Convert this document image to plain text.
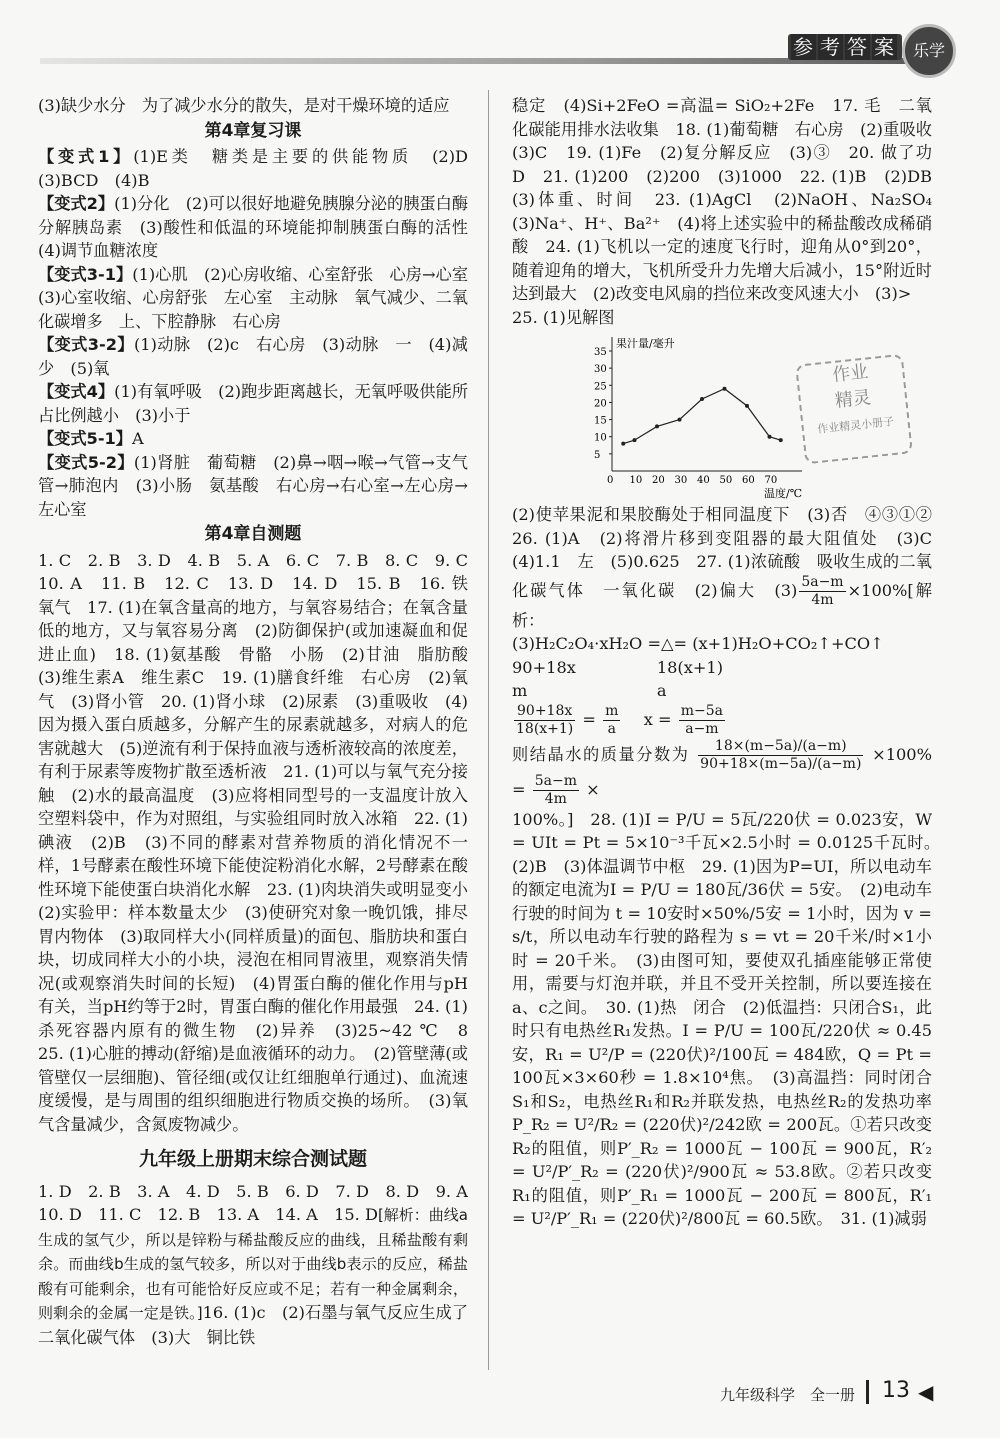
参 考 答 案	乐学

(3)缺少水分　为了减少水分的散失，是对干燥环境的适应

第4章复习课

【变式1】(1)E类　糖类是主要的供能物质　(2)D　(3)BCD　(4)B

【变式2】(1)分化　(2)可以很好地避免胰腺分泌的胰蛋白酶分解胰岛素　(3)酸性和低温的环境能抑制胰蛋白酶的活性　(4)调节血糖浓度

【变式3-1】(1)心肌　(2)心房收缩、心室舒张　心房→心室　(3)心室收缩、心房舒张　左心室　主动脉　氧气减少、二氧化碳增多　上、下腔静脉　右心房

【变式3-2】(1)动脉　(2)c　右心房　(3)动脉　一　(4)减少　(5)氧

【变式4】(1)有氧呼吸　(2)跑步距离越长，无氧呼吸供能所占比例越小　(3)小于

【变式5-1】A

【变式5-2】(1)肾脏　葡萄糖　(2)鼻→咽→喉→气管→支气管→肺泡内　(3)小肠　氨基酸　右心房→右心室→左心房→左心室

第4章自测题

1. C　2. B　3. D　4. B　5. A　6. C　7. B　8. C　9. C　10. A　11. B　12. C　13. D　14. D　15. B　16. 铁　氧气　17. (1)在氧含量高的地方，与氧容易结合；在氧含量低的地方，又与氧容易分离　(2)防御保护(或加速凝血和促进止血)　18. (1)氨基酸　骨骼　小肠　(2)甘油　脂肪酸　(3)维生素A　维生素C　19. (1)膳食纤维　右心房　(2)氧气　(3)肾小管　20. (1)肾小球　(2)尿素　(3)重吸收　(4)因为摄入蛋白质越多，分解产生的尿素就越多，对病人的危害就越大　(5)逆流有利于保持血液与透析液较高的浓度差，有利于尿素等废物扩散至透析液　21. (1)可以与氧气充分接触　(2)水的最高温度　(3)应将相同型号的一支温度计放入空塑料袋中，作为对照组，与实验组同时放入冰箱　22. (1)碘液　(2)B　(3)不同的酵素对营养物质的消化情况不一样，1号酵素在酸性环境下能使淀粉消化水解，2号酵素在酸性环境下能使蛋白块消化水解　23. (1)肉块消失或明显变小　(2)实验甲：样本数量太少　(3)使研究对象一晚饥饿，排尽胃内物体　(3)取同样大小(同样质量)的面包、脂肪块和蛋白块，切成同样大小的小块，浸泡在相同胃液里，观察消失情况(或观察消失时间的长短)　(4)胃蛋白酶的催化作用与pH有关，当pH约等于2时，胃蛋白酶的催化作用最强　24. (1)杀死容器内原有的微生物　(2)异养　(3)25~42 ℃　8　25. (1)心脏的搏动(舒缩)是血液循环的动力。　(2)管壁薄(或管壁仅一层细胞)、管径细(或仅让红细胞单行通过)、血流速度缓慢，是与周围的组织细胞进行物质交换的场所。　(3)氧气含量减少，含氮废物减少。

九年级上册期末综合测试题

1. D　2. B　3. A　4. D　5. B　6. D　7. D　8. D　9. A　10. D　11. C　12. B　13. A　14. A　15. D[解析：曲线a生成的氢气少，所以是锌粉与稀盐酸反应的曲线，且稀盐酸有剩余。而曲线b生成的氢气较多，所以对于曲线b表示的反应，稀盐酸有可能剩余，也有可能恰好反应或不足；若有一种金属剩余，则剩余的金属一定是铁。]16. (1)c　(2)石墨与氧气反应生成了二氧化碳气体　(3)大　铜比铁

稳定　(4)Si+2FeO =高温= SiO₂+2Fe　17. 毛　二氧化碳能用排水法收集　18. (1)葡萄糖　右心房　(2)重吸收　(3)C　19. (1)Fe　(2)复分解反应　(3)③　20. 做了功　D　21. (1)200　(2)200　(3)1000　22. (1)B　(2)DB　(3)体重、时间　23. (1)AgCl　(2)NaOH、Na₂SO₄　(3)Na⁺、H⁺、Ba²⁺　(4)将上述实验中的稀盐酸改成稀硝酸　24. (1)飞机以一定的速度飞行时，迎角从0°到20°，随着迎角的增大，飞机所受升力先增大后减小，15°附近时达到最大　(2)改变电风扇的挡位来改变风速大小　(3)>

25. (1)见解图

果汁量/毫升
温度/℃
0 10 20 30 40 50 60 70
5
10
15
20
25
30
35
作业
精灵
作业精灵小册子

(2)使苹果泥和果胶酶处于相同温度下　(3)否　④③①②　26. (1)A　(2)将滑片移到变阻器的最大阻值处　(3)C　(4)1.1　左　(5)0.625　27. (1)浓硫酸　吸收生成的二氧化碳气体　一氧化碳　(2)偏大　$(3) \frac{5a-m}{4m} \times 100\%$[解析：

(3)H₂C₂O₄·xH₂O =△= (x+1)H₂O+CO₂↑+CO↑

90+18x　　　　　18(x+1)

m　　　　　　　　a

$\frac{90+18x}{18(x+1)} = \frac{m}{a}$
　 $x = \frac{m-5a}{a-m}$

则结晶水的质量分数为 $\frac{18\times(m-5a)/(a-m)}{90+18\times(m-5a)/(a-m)} \times 100\% = \frac{5a-m}{4m}$ ×

100%。]　28. (1)I = P/U = 5瓦/220伏 = 0.023安，W = UIt = Pt = 5×10⁻³千瓦×2.5小时 = 0.0125千瓦时。　(2)B　(3)体温调节中枢　29. (1)因为P=UI，所以电动车的额定电流为I = P/U = 180瓦/36伏 = 5安。　(2)电动车行驶的时间为 t = 10安时×50%/5安 = 1小时，因为 v = s/t，所以电动车行驶的路程为 s = vt = 20千米/时×1小时 = 20千米。　(3)由图可知，要使双孔插座能够正常使用，需要与灯泡并联，并且不受开关控制，所以要连接在a、c之间。　30. (1)热　闭合　(2)低温挡：只闭合S₁，此时只有电热丝R₁发热。I = P/U = 100瓦/220伏 ≈ 0.45安，R₁ = U²/P = (220伏)²/100瓦 = 484欧，Q = Pt = 100瓦×3×60秒 = 1.8×10⁴焦。　(3)高温挡：同时闭合S₁和S₂，电热丝R₁和R₂并联发热，电热丝R₂的发热功率 P_R₂ = U²/R₂ = (220伏)²/242欧 = 200瓦。①若只改变R₂的阻值，则P′_R₂ = 1000瓦 − 100瓦 = 900瓦，R′₂ = U²/P′_R₂ = (220伏)²/900瓦 ≈ 53.8欧。②若只改变R₁的阻值，则P′_R₁ = 1000瓦 − 200瓦 = 800瓦，R′₁ = U²/P′_R₁ = (220伏)²/800瓦 = 60.5欧。　31. (1)减弱

九年级科学　全一册 13 ◀
